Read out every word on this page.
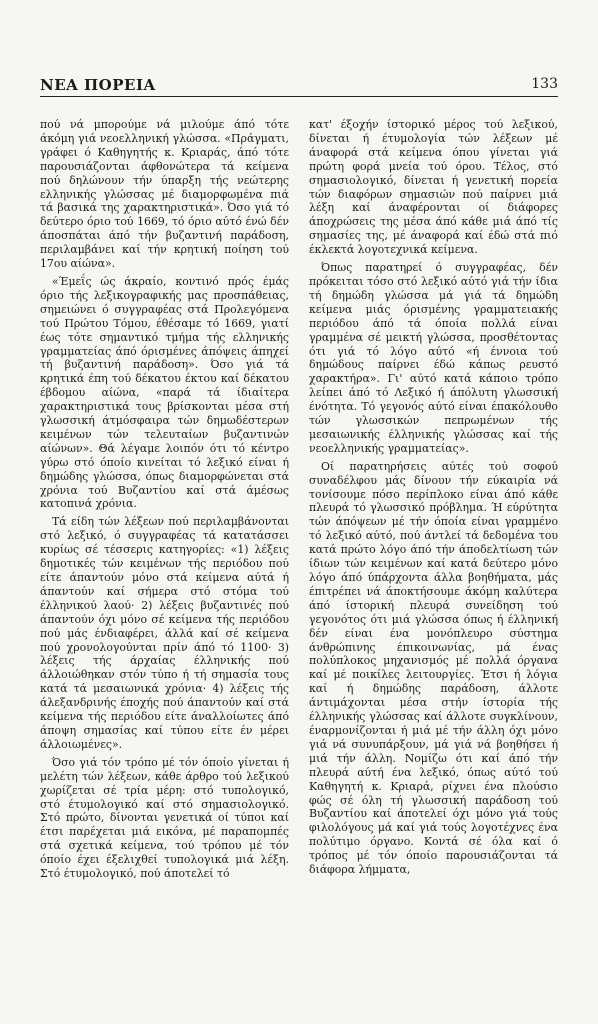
ΝΕΑ ΠΟΡΕΙΑ	133

πού νά μπορούμε νά μιλούμε άπό τότε άκόμη γιά νεοελληνική γλώσσα. «Πράγματι, γράφει ό Καθηγητής κ. Κριαράς, άπό τότε παρουσιάζονται άφθονώτερα τά κείμενα πού δηλώνουν τήν ύπαρξη τής νεώτερης ελληνικής γλώσσας μέ διαμορφωμένα πιά τά βασικά της χαρακτηριστικά». Όσο γιά τό δεύτερο όριο τού 1669, τό όριο αύτό ένώ δέν άποσπάται άπό τήν βυζαντινή παράδοση, περιλαμβάνει καί τήν κρητική ποίηση τού 17ου αίώνα».

«Έμεΐς ώς άκραίο, κοντινό πρός έμάς όριο τής λεξικογραφικής μας προσπάθειας, σημειώνει ό συγγραφέας στά Προλεγόμενα τού Πρώτου Τόμου, έθέσαμε τό 1669, γιατί έως τότε σημαντικό τμήμα τής ελληνικής γραμματείας άπό όρισμένες άπόψεις άπηχεί τή βυζαντινή παράδοση». Όσο γιά τά κρητικά έπη τού δέκατου έκτου καί δέκατου έβδομου αίώνα, «παρά τά ίδιαίτερα χαρακτηριστικά τους βρίσκονται μέσα στή γλωσσική άτμόσφαιρα τών δημωδέστερων κειμένων τών τελευταίων βυζαντινών αίώνων». Θά λέγαμε λοιπόν ότι τό κέντρο γύρω στό όποίο κινείται τό λεξικό είναι ή δημώδης γλώσσα, όπως διαμορφώνεται στά χρόνια τού Βυζαντίου καί στά άμέσως κατοπινά χρόνια.

Τά είδη τών λέξεων πού περιλαμβάνονται στό λεξικό, ό συγγραφέας τά κατατάσσει κυρίως σέ τέσσερις κατηγορίες: «1) λέξεις δημοτικές τών κειμένων τής περιόδου πού είτε άπαντούν μόνο στά κείμενα αύτά ή άπαντούν καί σήμερα στό στόμα τού έλληνικού λαού· 2) λέξεις βυζαντινές πού άπαντούν όχι μόνο σέ κείμενα τής περιόδου πού μάς ένδιαφέρει, άλλά καί σέ κείμενα πού χρονολογούνται πρίν άπό τό 1100· 3) λέξεις τής άρχαίας έλληνικής πού άλλοιώθηκαν στόν τύπο ή τή σημασία τους κατά τά μεσαιωνικά χρόνια· 4) λέξεις τής άλεξανδρινής έποχής πού άπαντούν καί στά κείμενα τής περιόδου είτε άναλλοίωτες άπό άποψη σημασίας καί τύπου είτε έν μέρει άλλοιωμένες».

Όσο γιά τόν τρόπο μέ τόν όποίο γίνεται ή μελέτη τών λέξεων, κάθε άρθρο τού λεξικού χωρίζεται σέ τρία μέρη: στό τυπολογικό, στό έτυμολογικό καί στό σημασιολογικό. Στό πρώτο, δίνονται γενετικά οί τύποι καί έτσι παρέχεται μιά εικόνα, μέ παραπομπές στά σχετικά κείμενα, τού τρόπου μέ τόν όποίο έχει έξελιχθεί τυπολογικά μιά λέξη. Στό έτυμολογικό, πού άποτελεί τό

κατ' έξοχήν ίστορικό μέρος τού λεξικού, δίνεται ή έτυμολογία τών λέξεων μέ άναφορά στά κείμενα όπου γίνεται γιά πρώτη φορά μνεία τού όρου. Τέλος, στό σημασιολογικό, δίνεται ή γενετική πορεία τών διαφόρων σημασιών πού παίρνει μιά λέξη καί άναφέρονται οί διάφορες άποχρώσεις της μέσα άπό κάθε μιά άπό τίς σημασίες της, μέ άναφορά καί έδώ στά πιό έκλεκτά λογοτεχνικά κείμενα.

Όπως παρατηρεί ό συγγραφέας, δέν πρόκειται τόσο στό λεξικό αύτό γιά τήν ίδια τή δημώδη γλώσσα μά γιά τά δημώδη κείμενα μιάς όρισμένης γραμματειακής περιόδου άπό τά όποία πολλά είναι γραμμένα σέ μεικτή γλώσσα, προσθέτοντας ότι γιά τό λόγο αύτό «ή έννοια τού δημώδους παίρνει έδώ κάπως ρευστό χαρακτήρα». Γι' αύτό κατά κάποιο τρόπο λείπει άπό τό Λεξικό ή άπόλυτη γλωσσική ένότητα. Τό γεγονός αύτό είναι έπακόλουθο τών γλωσσικών πεπρωμένων τής μεσαιωνικής έλληνικής γλώσσας καί τής νεοελληνικής γραμματείας».

Οί παρατηρήσεις αύτές τού σοφού συναδέλφου μάς δίνουν τήν εύκαιρία νά τονίσουμε πόσο περίπλοκο είναι άπό κάθε πλευρά τό γλωσσικό πρόβλημα. Ή εύρύτητα τών άπόψεων μέ τήν όποία είναι γραμμένο τό λεξικό αύτό, πού άντλεί τά δεδομένα του κατά πρώτο λόγο άπό τήν άποδελτίωση τών ίδιων τών κειμένων καί κατά δεύτερο μόνο λόγο άπό ύπάρχοντα άλλα βοηθήματα, μάς έπιτρέπει νά άποκτήσουμε άκόμη καλύτερα άπό ίστορική πλευρά συνείδηση τού γεγονότος ότι μιά γλώσσα όπως ή έλληνική δέν είναι ένα μονόπλευρο σύστημα άνθρώπινης έπικοινωνίας, μά ένας πολύπλοκος μηχανισμός μέ πολλά όργανα καί μέ ποικίλες λειτουργίες. Έτσι ή λόγια καί ή δημώδης παράδοση, άλλοτε άντιμάχονται μέσα στήν ίστορία τής έλληνικής γλώσσας καί άλλοτε συγκλίνουν, έναρμονίζονται ή μιά μέ τήν άλλη όχι μόνο γιά νά συνυπάρξουν, μά γιά νά βοηθήσει ή μιά τήν άλλη. Νομίζω ότι καί άπό τήν πλευρά αύτή ένα λεξικό, όπως αύτό τού Καθηγητή κ. Κριαρά, ρίχνει ένα πλούσιο φώς σέ όλη τή γλωσσική παράδοση τού Βυζαντίου καί άποτελεί όχι μόνο γιά τούς φιλολόγους μά καί γιά τούς λογοτέχνες ένα πολύτιμο όργανο. Κοντά σέ όλα καί ό τρόπος μέ τόν όποίο παρουσιάζονται τά διάφορα λήμματα,
